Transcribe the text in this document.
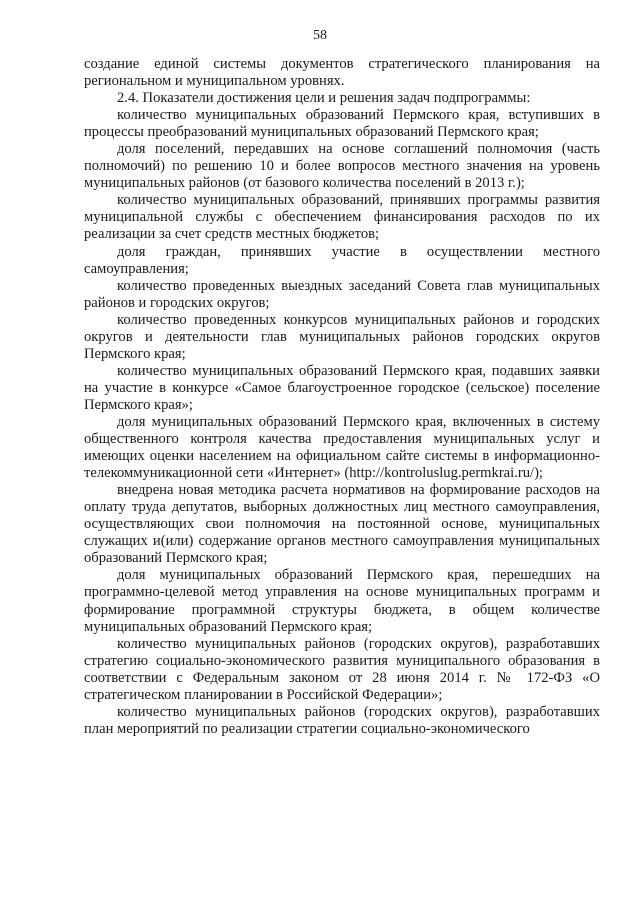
58

создание единой системы документов стратегического планирования на региональном и муниципальном уровнях.

2.4. Показатели достижения цели и решения задач подпрограммы:

количество муниципальных образований Пермского края, вступивших в процессы преобразований муниципальных образований Пермского края;

доля поселений, передавших на основе соглашений полномочия (часть полномочий) по решению 10 и более вопросов местного значения на уровень муниципальных районов (от базового количества поселений в 2013 г.);

количество муниципальных образований, принявших программы развития муниципальной службы с обеспечением финансирования расходов по их реализации за счет средств местных бюджетов;

доля граждан, принявших участие в осуществлении местного самоуправления;

количество проведенных выездных заседаний Совета глав муниципальных районов и городских округов;

количество проведенных конкурсов муниципальных районов и городских округов и деятельности глав муниципальных районов городских округов Пермского края;

количество муниципальных образований Пермского края, подавших заявки на участие в конкурсе «Самое благоустроенное городское (сельское) поселение Пермского края»;

доля муниципальных образований Пермского края, включенных в систему общественного контроля качества предоставления муниципальных услуг и имеющих оценки населением на официальном сайте системы в информационно-телекоммуникационной сети «Интернет» (http://kontroluslug.permkrai.ru/);

внедрена новая методика расчета нормативов на формирование расходов на оплату труда депутатов, выборных должностных лиц местного самоуправления, осуществляющих свои полномочия на постоянной основе, муниципальных служащих и(или) содержание органов местного самоуправления муниципальных образований Пермского края;

доля муниципальных образований Пермского края, перешедших на программно-целевой метод управления на основе муниципальных программ и формирование программной структуры бюджета, в общем количестве муниципальных образований Пермского края;

количество муниципальных районов (городских округов), разработавших стратегию социально-экономического развития муниципального образования в соответствии с Федеральным законом от 28 июня 2014 г. № 172-ФЗ «О стратегическом планировании в Российской Федерации»;

количество муниципальных районов (городских округов), разработавших план мероприятий по реализации стратегии социально-экономического
